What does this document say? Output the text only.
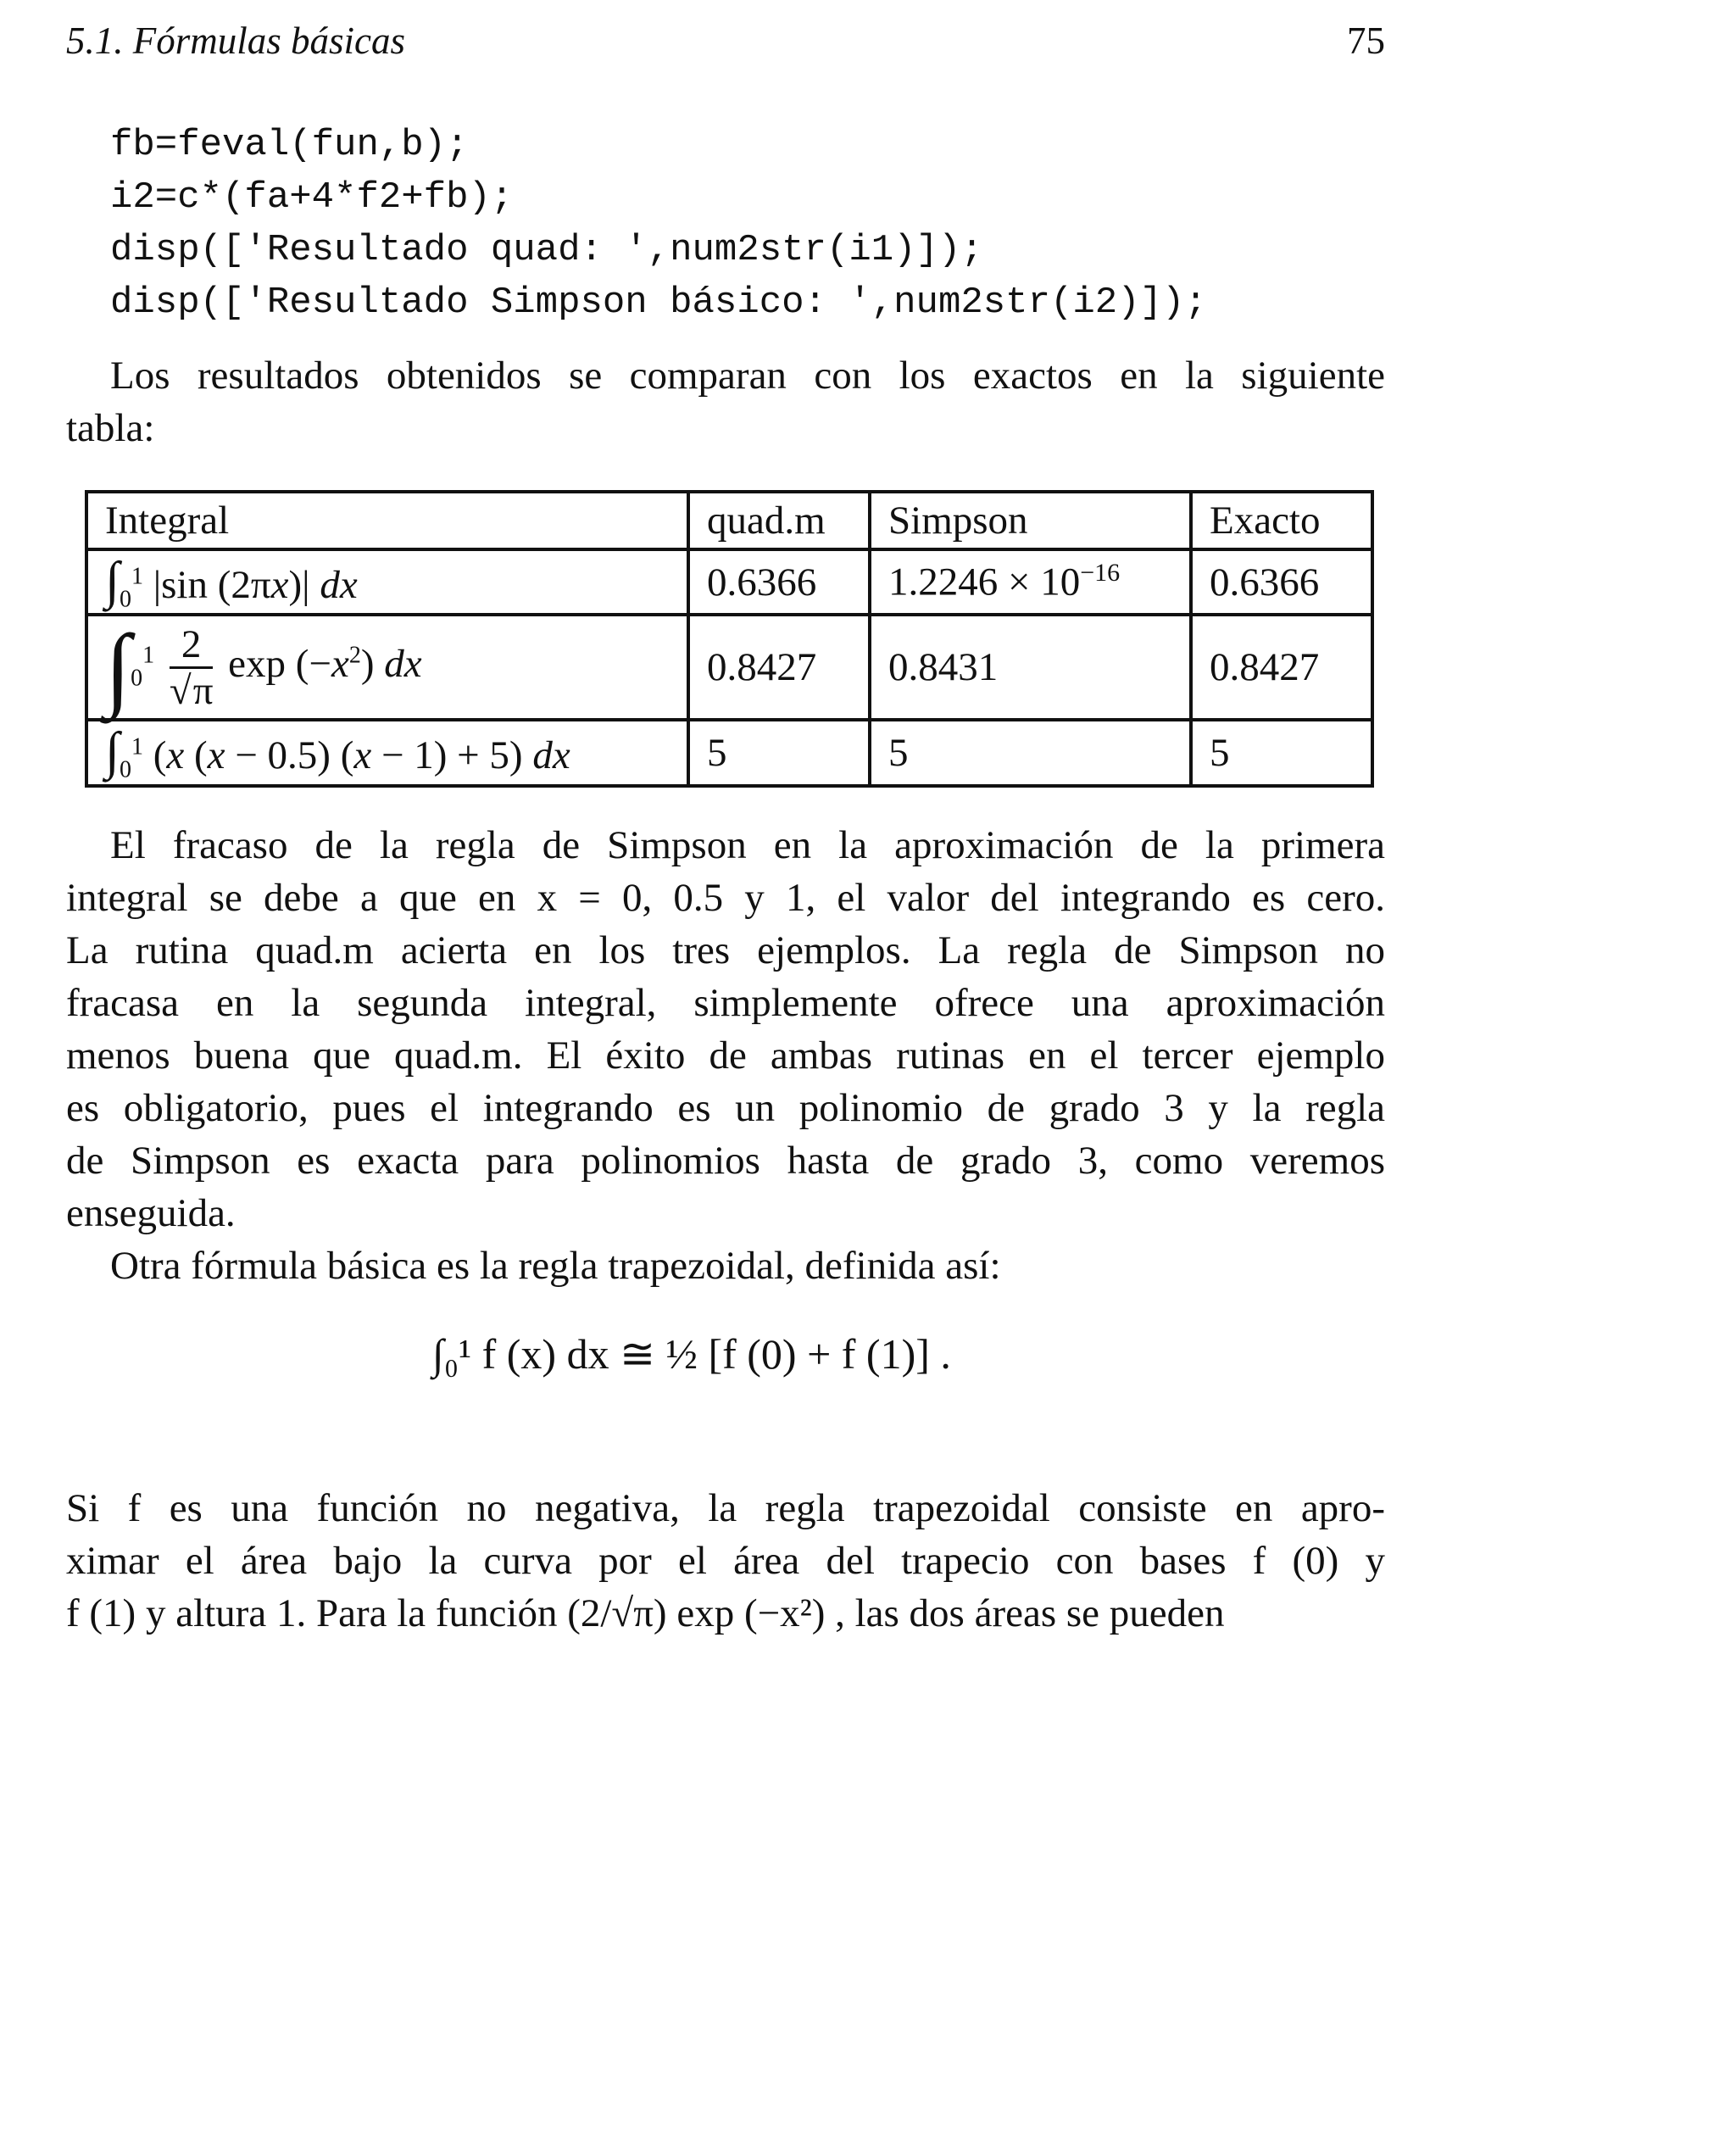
5.1. Fórmulas básicas	75
fb=feval(fun,b);
i2=c*(fa+4*f2+fb);
disp(['Resultado quad: ',num2str(i1)]);
disp(['Resultado Simpson básico: ',num2str(i2)]);
Los resultados obtenidos se comparan con los exactos en la siguiente
tabla:
Integral	quad.m	Simpson	Exacto
$\int_0^1$ |sin (2πx)| dx	0.6366	$1.2246 \times 10^{-16}$	0.6366
$\int_0^1 \frac{2}{√\pi}$ $\exp (-x^2)$ dx	0.8427	0.8431	0.8427
$\int_0^1$ (x (x − 0.5) (x − 1) + 5) dx	5	5	5
El fracaso de la regla de Simpson en la aproximación de la primera
integral se debe a que en x = 0, 0.5 y 1, el valor del integrando es cero.
La rutina quad.m acierta en los tres ejemplos. La regla de Simpson no
fracasa en la segunda integral, simplemente ofrece una aproximación
menos buena que quad.m. El éxito de ambas rutinas en el tercer ejemplo
es obligatorio, pues el integrando es un polinomio de grado 3 y la regla
de Simpson es exacta para polinomios hasta de grado 3, como veremos
enseguida.
Otra fórmula básica es la regla trapezoidal, definida así:
∫₀¹ f (x) dx ≅ ½ [f (0) + f (1)] .
Si f es una función no negativa, la regla trapezoidal consiste en apro-
ximar el área bajo la curva por el área del trapecio con bases f (0) y
f (1) y altura 1. Para la función (2/√π) exp (−x²) , las dos áreas se pueden
